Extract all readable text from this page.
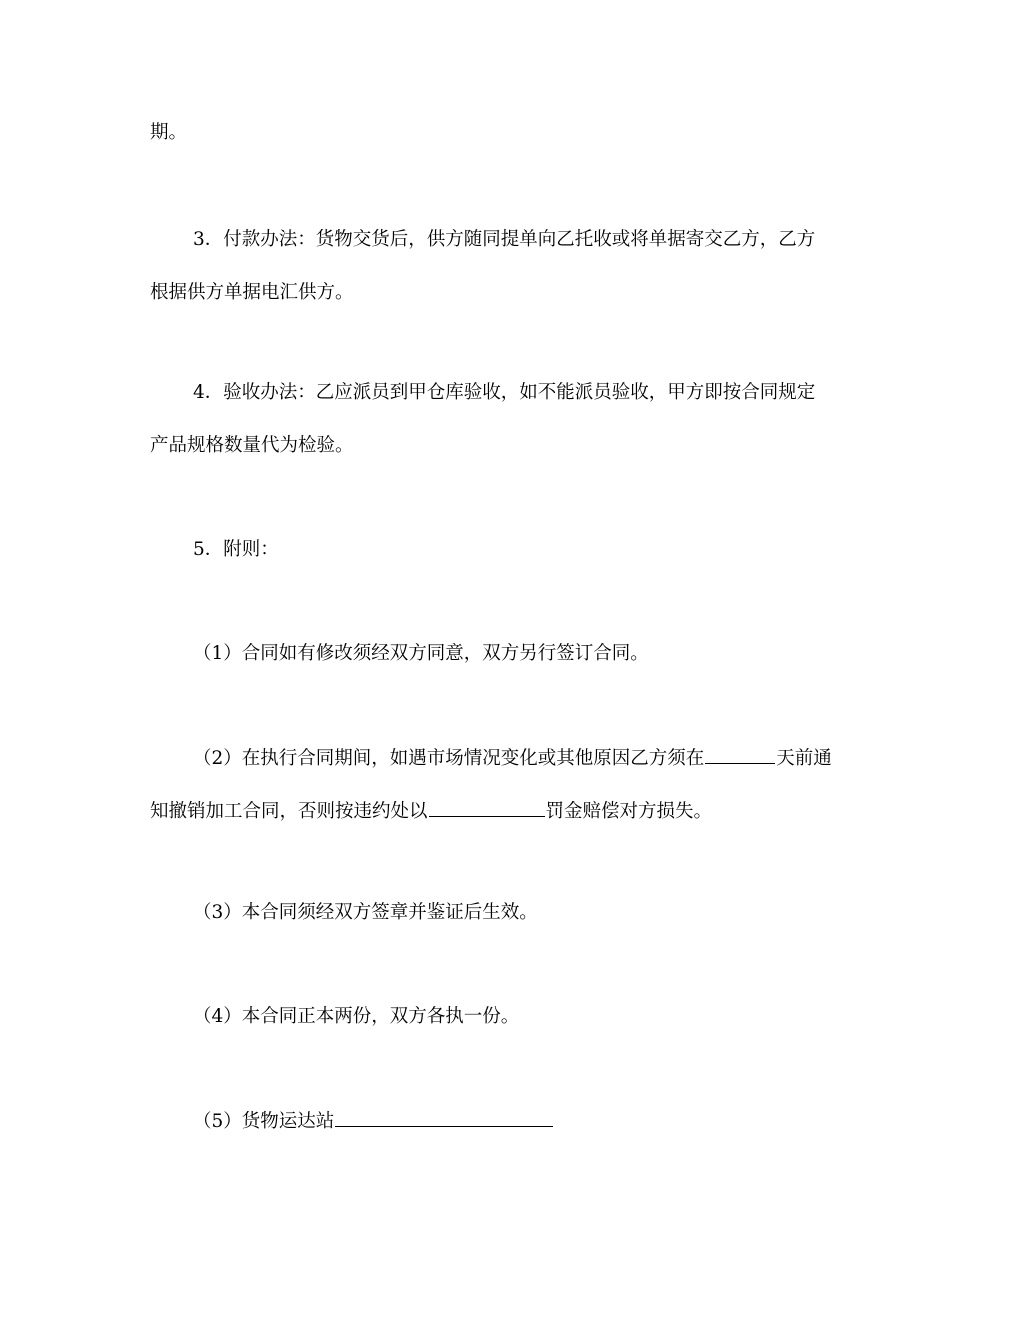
期。
3．付款办法：货物交货后，供方随同提单向乙托收或将单据寄交乙方，乙方
根据供方单据电汇供方。
4．验收办法：乙应派员到甲仓库验收，如不能派员验收，甲方即按合同规定
产品规格数量代为检验。
5．附则：
（1）合同如有修改须经双方同意，双方另行签订合同。
（2）在执行合同期间，如遇市场情况变化或其他原因乙方须在	天前通
知撤销加工合同，否则按违约处以	罚金赔偿对方损失。
（3）本合同须经双方签章并鉴证后生效。
（4）本合同正本两份，双方各执一份。
（5）货物运达站
